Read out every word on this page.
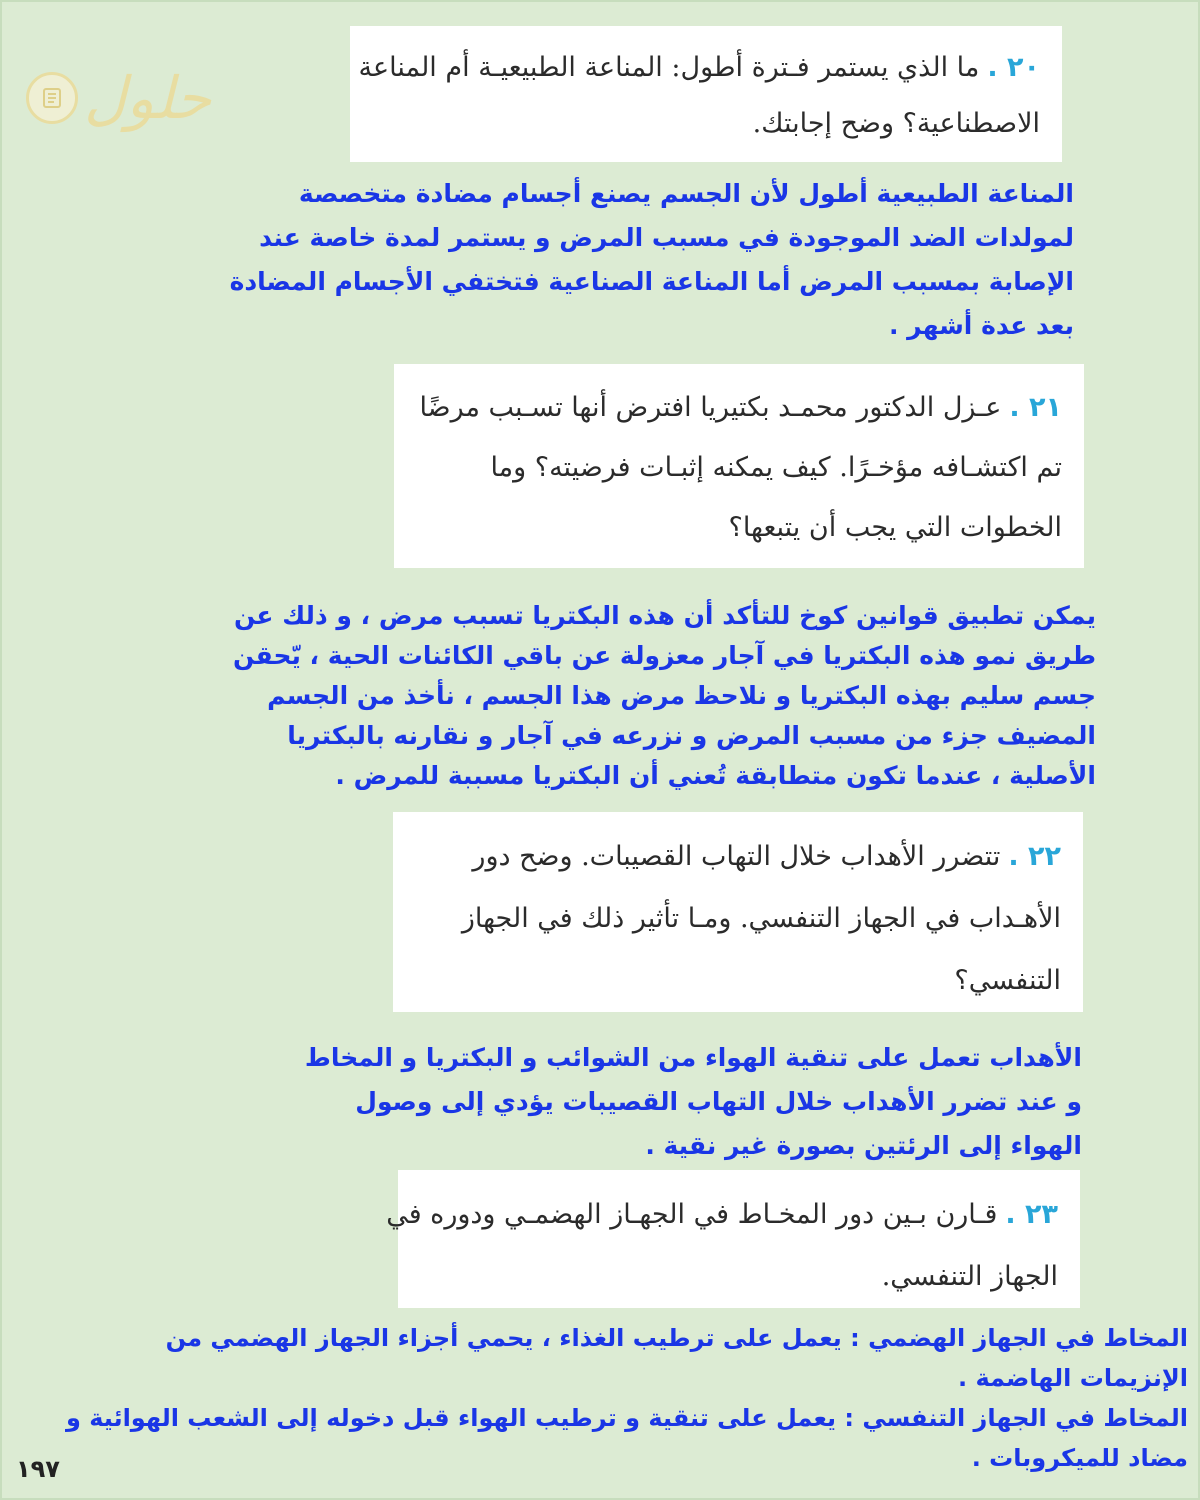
حلول	٢٠ .ما الذي يستمر فـترة أطول: المناعة الطبيعيـة أم المناعة
الاصطناعية؟ وضح إجابتك.
المناعة الطبيعية أطول لأن الجسم يصنع أجسام مضادة متخصصة
لمولدات الضد الموجودة في مسبب المرض و يستمر لمدة خاصة عند
الإصابة بمسبب المرض أما المناعة الصناعية فتختفي الأجسام المضادة
بعد عدة أشهر .
٢١ .عـزل الدكتور محمـد بكتيريا افترض أنها تسـبب مرضًا
تم اكتشـافه مؤخـرًا. كيف يمكنه إثبـات فرضيته؟ وما
الخطوات التي يجب أن يتبعها؟
يمكن تطبيق قوانين كوخ للتأكد أن هذه البكتريا تسبب مرض ، و ذلك عن
طريق نمو هذه البكتريا في آجار معزولة عن باقي الكائنات الحية ، يّحقن
جسم سليم بهذه البكتريا و نلاحظ مرض هذا الجسم ، نأخذ من الجسم
المضيف جزء من مسبب المرض و نزرعه في آجار و نقارنه بالبكتريا
الأصلية ، عندما تكون متطابقة تُعني أن البكتريا مسببة للمرض .
٢٢ .تتضرر الأهداب خلال التهاب القصيبات. وضح دور
الأهـداب في الجهاز التنفسي. ومـا تأثير ذلك في الجهاز
التنفسي؟
الأهداب تعمل على تنقية الهواء من الشوائب و البكتريا و المخاط
و عند تضرر الأهداب خلال التهاب القصيبات يؤدي إلى وصول
الهواء إلى الرئتين بصورة غير نقية .
٢٣ .قـارن بـين دور المخـاط في الجهـاز الهضمـي ودوره في
الجهاز التنفسي.
المخاط في الجهاز الهضمي : يعمل على ترطيب الغذاء ، يحمي أجزاء الجهاز الهضمي من
الإنزيمات الهاضمة .
المخاط في الجهاز التنفسي : يعمل على تنقية و ترطيب الهواء قبل دخوله إلى الشعب الهوائية و
مضاد للميكروبات .
١٩٧
